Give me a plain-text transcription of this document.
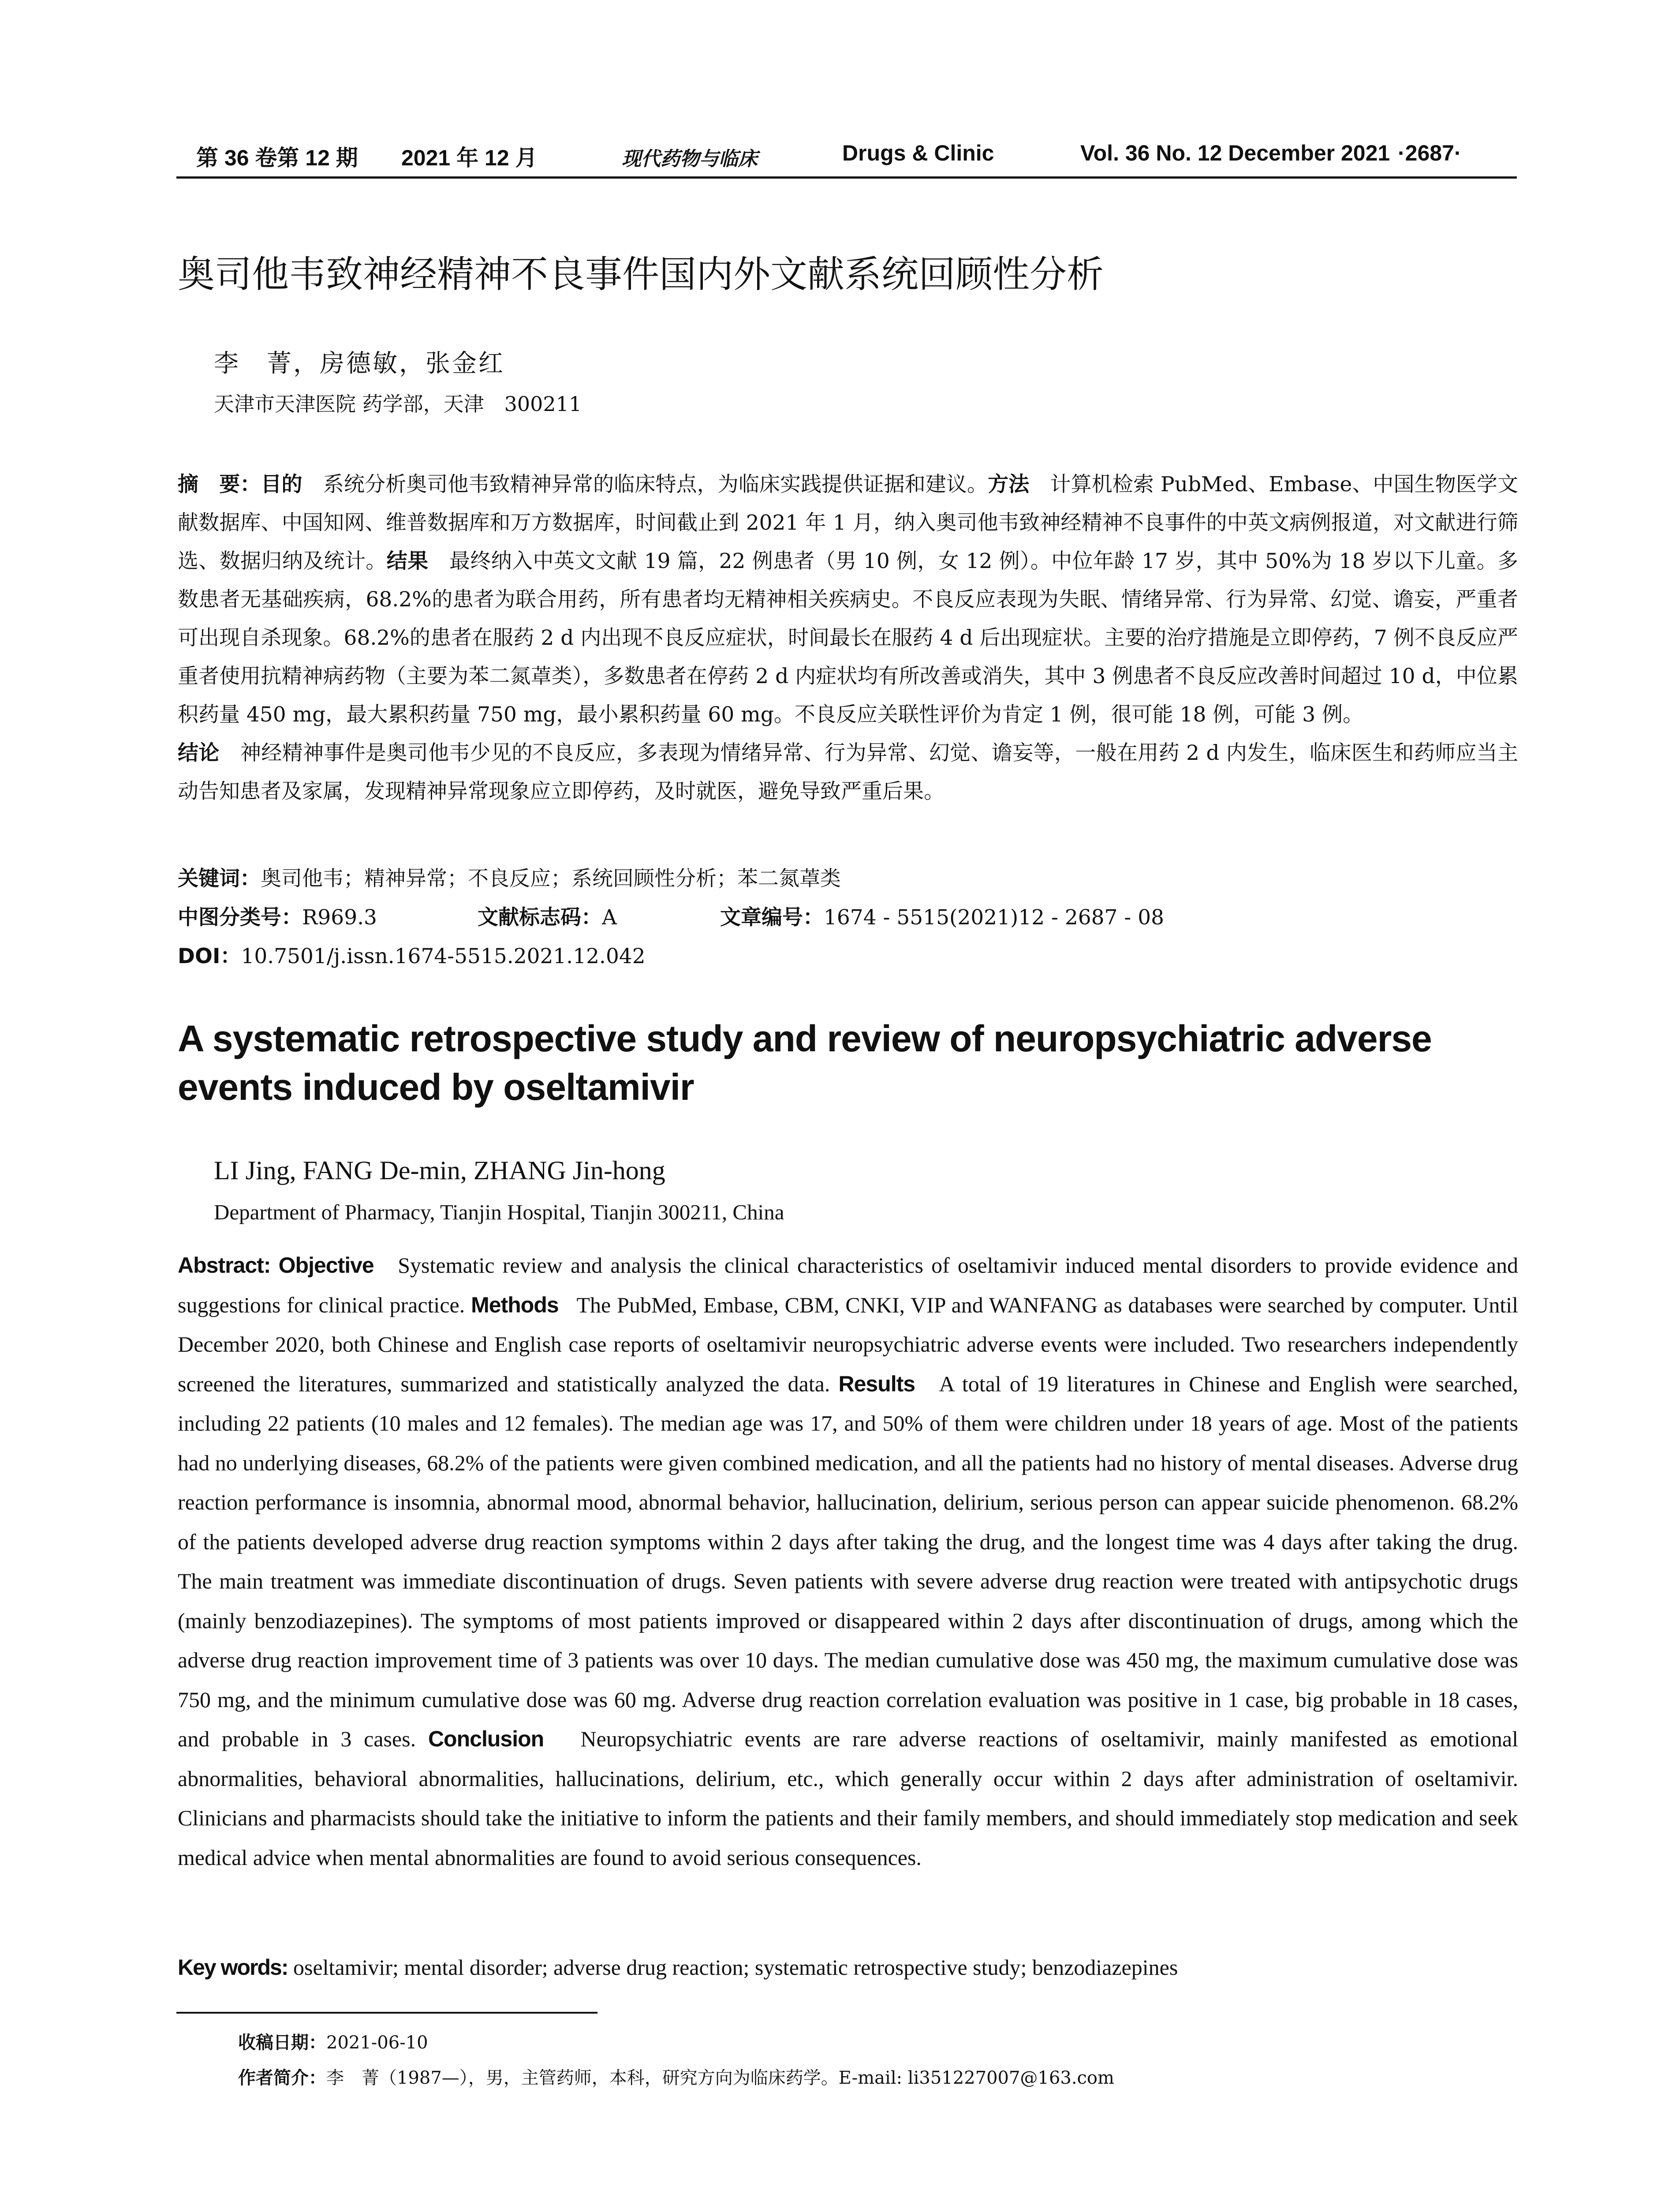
第 36 卷第 12 期 2021 年 12 月	现代药物与临床	Drugs & Clinic	Vol. 36 No. 12 December 2021 ·2687·
奥司他韦致神经精神不良事件国内外文献系统回顾性分析
李　菁，房德敏，张金红
天津市天津医院 药学部，天津　300211
摘　要：目的　 系统分析奥司他韦致精神异常的临床特点，为临床实践提供证据和建议。方法　 计算机检索 PubMed、Embase、中国生物医学文献数据库、中国知网、维普数据库和万方数据库，时间截止到 2021 年 1 月，纳入奥司他韦致神经精神不良事件的中英文病例报道，对文献进行筛选、数据归纳及统计。结果　 最终纳入中英文文献 19 篇，22 例患者（男 10 例，女 12 例）。中位年龄 17 岁，其中 50%为 18 岁以下儿童。多数患者无基础疾病，68.2%的患者为联合用药，所有患者均无精神相关疾病史。不良反应表现为失眠、情绪异常、行为异常、幻觉、谵妄，严重者可出现自杀现象。68.2%的患者在服药 2 d 内出现不良反应症状，时间最长在服药 4 d 后出现症状。主要的治疗措施是立即停药，7 例不良反应严重者使用抗精神病药物（主要为苯二氮䓬类），多数患者在停药 2 d 内症状均有所改善或消失，其中 3 例患者不良反应改善时间超过 10 d，中位累积药量 450 mg，最大累积药量 750 mg，最小累积药量 60 mg。不良反应关联性评价为肯定 1 例，很可能 18 例，可能 3 例。
结论　 神经精神事件是奥司他韦少见的不良反应，多表现为情绪异常、行为异常、幻觉、谵妄等，一般在用药 2 d 内发生，临床医生和药师应当主动告知患者及家属，发现精神异常现象应立即停药，及时就医，避免导致严重后果。
关键词：奥司他韦；精神异常；不良反应；系统回顾性分析；苯二氮䓬类
中图分类号：R969.3	文献标志码：A	文章编号：1674 - 5515(2021)12 - 2687 - 08
DOI：10.7501/j.issn.1674-5515.2021.12.042
A systematic retrospective study and review of neuropsychiatric adverse events induced by oseltamivir
LI Jing, FANG De-min, ZHANG Jin-hong
Department of Pharmacy, Tianjin Hospital, Tianjin 300211, China
Abstract: Objective Systematic review and analysis the clinical characteristics of oseltamivir induced mental disorders to provide evidence and suggestions for clinical practice. Methods The PubMed, Embase, CBM, CNKI, VIP and WANFANG as databases were searched by computer. Until December 2020, both Chinese and English case reports of oseltamivir neuropsychiatric adverse events were included. Two researchers independently screened the literatures, summarized and statistically analyzed the data. Results A total of 19 literatures in Chinese and English were searched, including 22 patients (10 males and 12 females). The median age was 17, and 50% of them were children under 18 years of age. Most of the patients had no underlying diseases, 68.2% of the patients were given combined medication, and all the patients had no history of mental diseases. Adverse drug reaction performance is insomnia, abnormal mood, abnormal behavior, hallucination, delirium, serious person can appear suicide phenomenon. 68.2% of the patients developed adverse drug reaction symptoms within 2 days after taking the drug, and the longest time was 4 days after taking the drug. The main treatment was immediate discontinuation of drugs. Seven patients with severe adverse drug reaction were treated with antipsychotic drugs (mainly benzodiazepines). The symptoms of most patients improved or disappeared within 2 days after discontinuation of drugs, among which the adverse drug reaction improvement time of 3 patients was over 10 days. The median cumulative dose was 450 mg, the maximum cumulative dose was 750 mg, and the minimum cumulative dose was 60 mg. Adverse drug reaction correlation evaluation was positive in 1 case, big probable in 18 cases, and probable in 3 cases. Conclusion Neuropsychiatric events are rare adverse reactions of oseltamivir, mainly manifested as emotional abnormalities, behavioral abnormalities, hallucinations, delirium, etc., which generally occur within 2 days after administration of oseltamivir. Clinicians and pharmacists should take the initiative to inform the patients and their family members, and should immediately stop medication and seek medical advice when mental abnormalities are found to avoid serious consequences.
Key words: oseltamivir; mental disorder; adverse drug reaction; systematic retrospective study; benzodiazepines
收稿日期：2021-06-10
作者简介：李　菁（1987—），男，主管药师，本科，研究方向为临床药学。E-mail: li351227007@163.com
